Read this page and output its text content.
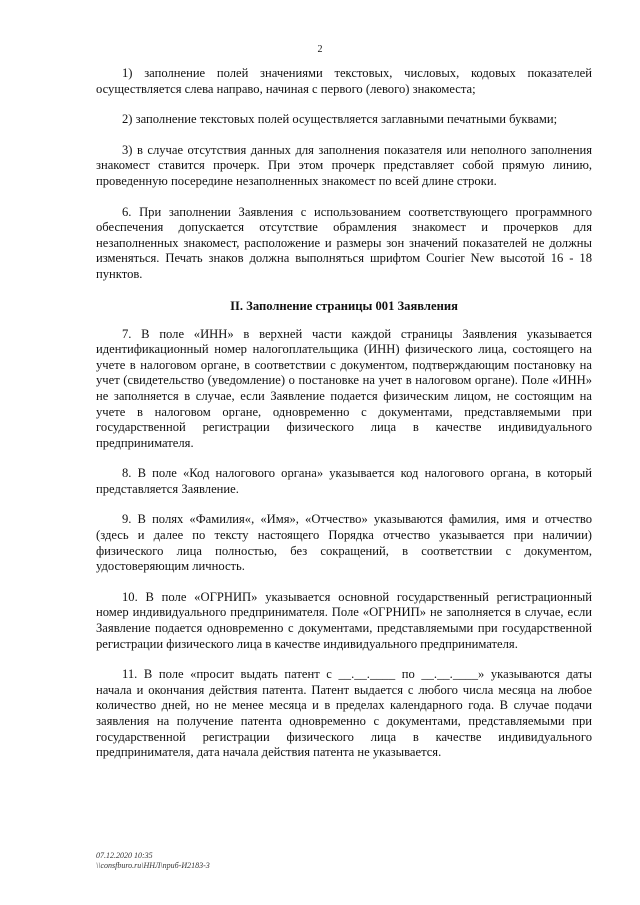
2

1) заполнение полей значениями текстовых, числовых, кодовых показателей осуществляется слева направо, начиная с первого (левого) знакоместа;

2) заполнение текстовых полей осуществляется заглавными печатными буквами;

3) в случае отсутствия данных для заполнения показателя или неполного заполнения знакомест ставится прочерк. При этом прочерк представляет собой прямую линию, проведенную посередине незаполненных знакомест по всей длине строки.

6. При заполнении Заявления с использованием соответствующего программного обеспечения допускается отсутствие обрамления знакомест и прочерков для незаполненных знакомест, расположение и размеры зон значений показателей не должны изменяться. Печать знаков должна выполняться шрифтом Courier New высотой 16 - 18 пунктов.

II. Заполнение страницы 001 Заявления

7. В поле «ИНН» в верхней части каждой страницы Заявления указывается идентификационный номер налогоплательщика (ИНН) физического лица, состоящего на учете в налоговом органе, в соответствии с документом, подтверждающим постановку на учет (свидетельство (уведомление) о постановке на учет в налоговом органе). Поле «ИНН» не заполняется в случае, если Заявление подается физическим лицом, не состоящим на учете в налоговом органе, одновременно с документами, представляемыми при государственной регистрации физического лица в качестве индивидуального предпринимателя.

8. В поле «Код налогового органа» указывается код налогового органа, в который представляется Заявление.

9. В полях «Фамилия«, «Имя», «Отчество» указываются фамилия, имя и отчество (здесь и далее по тексту настоящего Порядка отчество указывается при наличии) физического лица полностью, без сокращений, в соответствии с документом, удостоверяющим личность.

10. В поле «ОГРНИП» указывается основной государственный регистрационный номер индивидуального предпринимателя. Поле «ОГРНИП» не заполняется в случае, если Заявление подается одновременно с документами, представляемыми при государственной регистрации физического лица в качестве индивидуального предпринимателя.

11. В поле «просит выдать патент с __.__.____ по __.__.____» указываются даты начала и окончания действия патента. Патент выдается с любого числа месяца на любое количество дней, но не менее месяца и в пределах календарного года. В случае подачи заявления на получение патента одновременно с документами, представляемыми при государственной регистрации физического лица в качестве индивидуального предпринимателя, дата начала действия патента не указывается.

07.12.2020 10:35
\\consfburo.ru\ННЛ\приб-И2183-3
